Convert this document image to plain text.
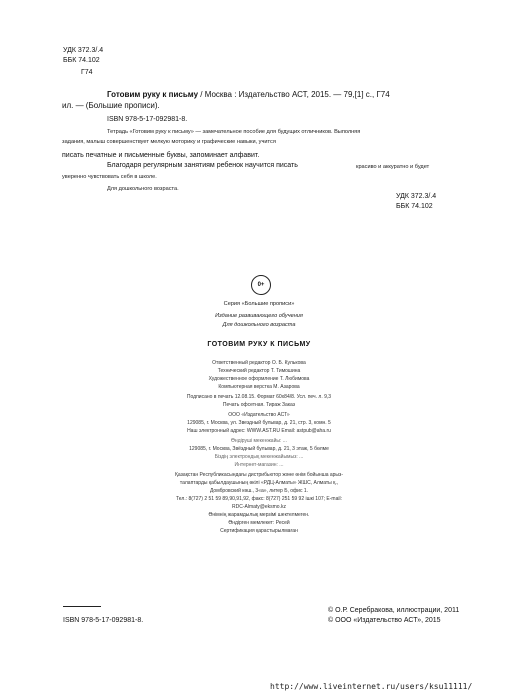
УДК 372.3/.4
ББК 74.102
Г74
Готовим руку к письму / Москва : Издательство АСТ, 2015. — 79,[1] с., Г74
ил. — (Большие прописи).
ISBN 978-5-17-092981-8.
Тетрадь «Готовим руку к письму» — замечательное пособие для будущих отличников. Выполняя
задания, малыш совершенствует мелкую моторику и графические навыки, учится
писать печатные и письменные буквы, запоминает алфавит.
Благодаря регулярным занятиям ребенок научится писать	красиво и аккуратно и будет
уверенно чувствовать себя в школе.
Для дошкольного возраста.
УДК 372.3/.4
ББК 74.102
0+
Серия «Большие прописи»
Издание развивающего обучения
Для дошкольного возраста
ГОТОВИМ РУКУ К ПИСЬМУ
Ответственный редактор О. Б. Кулькова
Технический редактор Т. Тимошина
Художественное оформление Т. Любимова
Компьютерная верстка М. Азарова
Подписано в печать 12.08.15. Формат 60х84/8. Усл. печ. л. 9,3
Печать офсетная. Тираж Заказ
ООО «Издательство АСТ»
129085, г. Москва, ул. Звездный бульвар, д. 21, стр. 3, комн. 5
Наш электронный адрес: WWW.AST.RU Email: astpub@aha.ru
Өндіруші мекенжайы: ...
129085, г. Москва, Звёздный бульвар, д. 21, 3 этаж, 5 бөлме
Біздің электрондық мекенжайымыз: ...
Интернет-магазин: ...
Қазақстан Республикасындағы дистрибьютор және өнім бойынша арыз-
талаптарды қабылдаушының өкілі «РДЦ-Алматы» ЖШС, Алматы қ.,
Домбровский көш., 3«а», литер Б, офис 1.
Тел.: 8(727) 2 51 59 89,90,91,92, факс: 8(727) 251 59 92 ішкі 107; E-mail:
RDC-Almaty@eksmo.kz
Өнімнің жарамдылық мерзімі шектелмеген.
Өндірген мемлекет: Ресей
Сертификация қарастырылмаған
ISBN 978-5-17-092981-8.
© О.Р. Серебракова, иллюстрации, 2011
© ООО «Издательство АСТ», 2015
http://www.liveinternet.ru/users/ksu11111/
